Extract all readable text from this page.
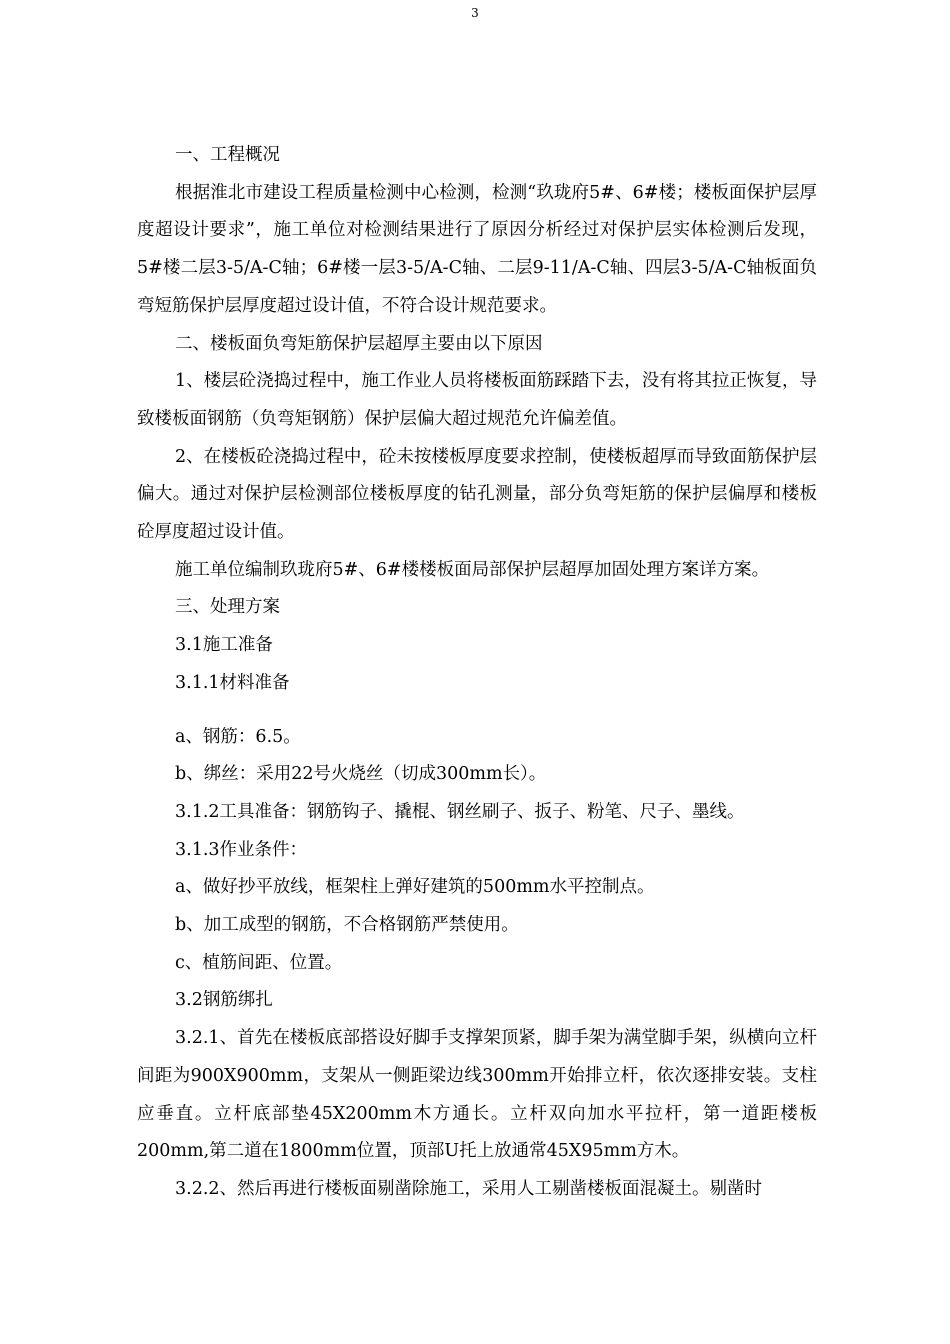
3

一、工程概况

根据淮北市建设工程质量检测中心检测，检测“玖珑府5#、6#楼；楼板面保护层厚度超设计要求”，施工单位对检测结果进行了原因分析经过对保护层实体检测后发现，5#楼二层3-5/A-C轴；6#楼一层3-5/A-C轴、二层9-11/A-C轴、四层3-5/A-C轴板面负弯短筋保护层厚度超过设计值，不符合设计规范要求。

二、楼板面负弯矩筋保护层超厚主要由以下原因

1、楼层砼浇捣过程中，施工作业人员将楼板面筋踩踏下去，没有将其拉正恢复，导致楼板面钢筋（负弯矩钢筋）保护层偏大超过规范允许偏差值。

2、在楼板砼浇捣过程中，砼未按楼板厚度要求控制，使楼板超厚而导致面筋保护层偏大。通过对保护层检测部位楼板厚度的钻孔测量，部分负弯矩筋的保护层偏厚和楼板砼厚度超过设计值。

施工单位编制玖珑府5#、6#楼楼板面局部保护层超厚加固处理方案详方案。

三、处理方案

3.1施工准备

3.1.1材料准备

a、钢筋：6.5。

b、绑丝：采用22号火烧丝（切成300mm长）。

3.1.2工具准备：钢筋钩子、撬棍、钢丝刷子、扳子、粉笔、尺子、墨线。

3.1.3作业条件：

a、做好抄平放线，框架柱上弹好建筑的500mm水平控制点。

b、加工成型的钢筋，不合格钢筋严禁使用。

c、植筋间距、位置。

3.2钢筋绑扎

3.2.1、首先在楼板底部搭设好脚手支撑架顶紧，脚手架为满堂脚手架，纵横向立杆间距为900X900mm，支架从一侧距梁边线300mm开始排立杆，依次逐排安装。支柱应垂直。立杆底部垫45X200mm木方通长。立杆双向加水平拉杆，第一道距楼板200mm,第二道在1800mm位置，顶部U托上放通常45X95mm方木。

3.2.2、然后再进行楼板面剔凿除施工，采用人工剔凿楼板面混凝土。剔凿时
